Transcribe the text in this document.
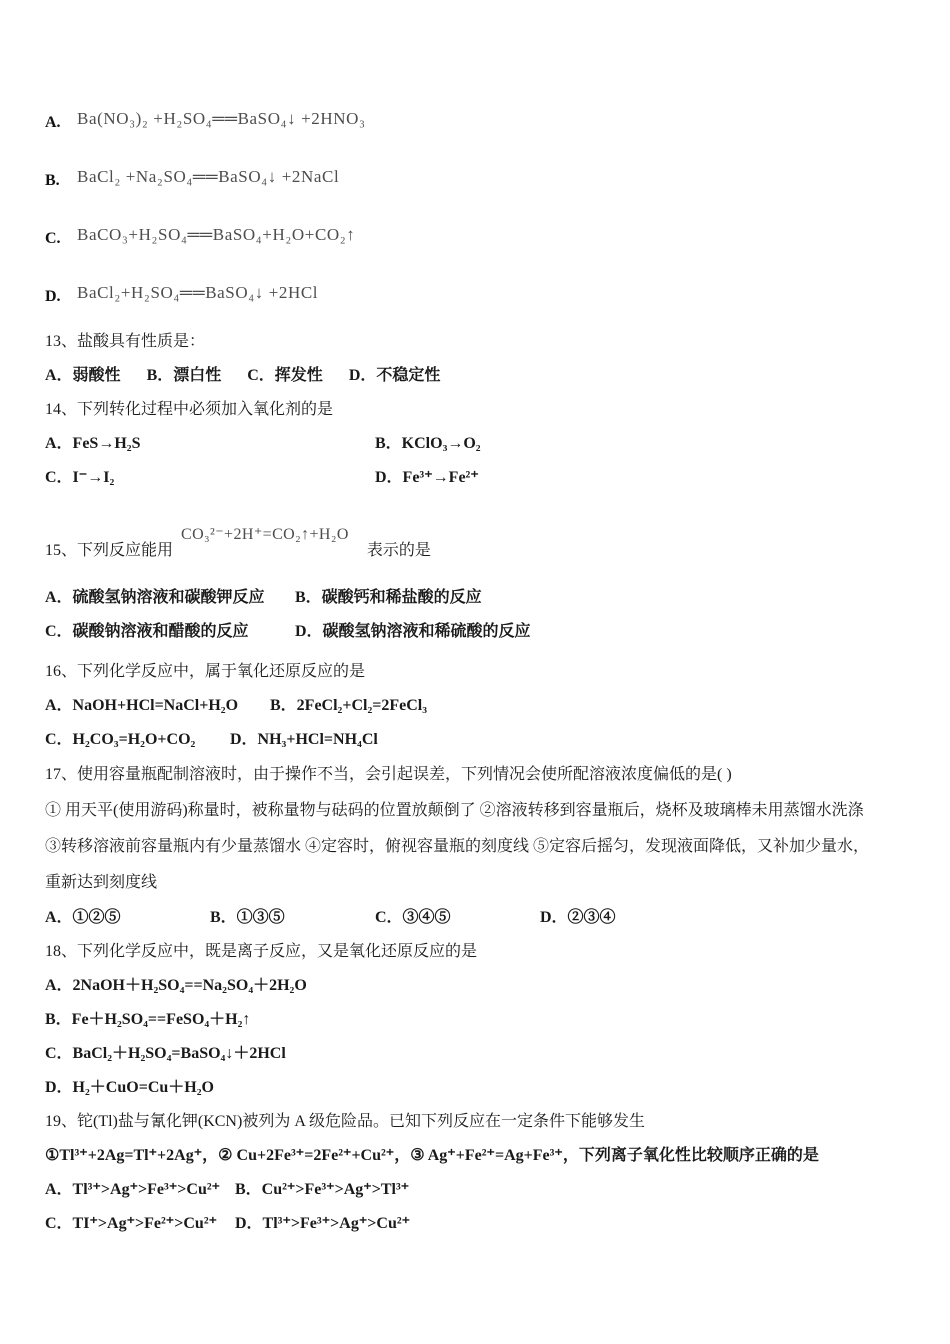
A. Ba(NO₃)₂ +H₂SO₄══BaSO₄↓ +2HNO₃
B.	BaCl₂ +Na₂SO₄══BaSO₄↓ +2NaCl
C. BaCO₃+H₂SO₄══BaSO₄+H₂O+CO₂↑
D. BaCl₂+H₂SO₄══BaSO₄↓ +2HCl
13、盐酸具有性质是：
A．弱酸性 B．漂白性 C．挥发性 D．不稳定性
14、下列转化过程中必须加入氧化剂的是
A．FeS→H₂S	B．KClO₃→O₂
C．I⁻→I₂	D．Fe³⁺→Fe²⁺
15、下列反应能用
CO₃²⁻+2H⁺=CO₂↑+H₂O
表示的是
A．硫酸氢钠溶液和碳酸钾反应	B．碳酸钙和稀盐酸的反应
C．碳酸钠溶液和醋酸的反应	D．碳酸氢钠溶液和稀硫酸的反应
16、下列化学反应中，属于氧化还原反应的是
A．NaOH+HCl=NaCl+H₂O	B．2FeCl₂+Cl₂=2FeCl₃
C．H₂CO₃=H₂O+CO₂	D．NH₃+HCl=NH₄Cl
17、使用容量瓶配制溶液时，由于操作不当，会引起误差，下列情况会使所配溶液浓度偏低的是( )
① 用天平(使用游码)称量时，被称量物与砝码的位置放颠倒了 ②溶液转移到容量瓶后，烧杯及玻璃棒未用蒸馏水洗涤
③转移溶液前容量瓶内有少量蒸馏水 ④定容时，俯视容量瓶的刻度线 ⑤定容后摇匀，发现液面降低，又补加少量水，
重新达到刻度线
A．①②⑤	B．①③⑤	C．③④⑤	D．②③④
18、下列化学反应中，既是离子反应，又是氧化还原反应的是
A．2NaOH＋H₂SO₄==Na₂SO₄＋2H₂O
B．Fe＋H₂SO₄==FeSO₄＋H₂↑
C．BaCl₂＋H₂SO₄=BaSO₄↓＋2HCl
D．H₂＋CuO=Cu＋H₂O
19、铊(Tl)盐与氰化钾(KCN)被列为 A 级危险品。已知下列反应在一定条件下能够发生
①Tl³⁺+2Ag=Tl⁺+2Ag⁺，② Cu+2Fe³⁺=2Fe²⁺+Cu²⁺，③ Ag⁺+Fe²⁺=Ag+Fe³⁺，下列离子氧化性比较顺序正确的是
A．Tl³⁺>Ag⁺>Fe³⁺>Cu²⁺ B．Cu²⁺>Fe³⁺>Ag⁺>Tl³⁺
C．TI⁺>Ag⁺>Fe²⁺>Cu²⁺	D．Tl³⁺>Fe³⁺>Ag⁺>Cu²⁺
